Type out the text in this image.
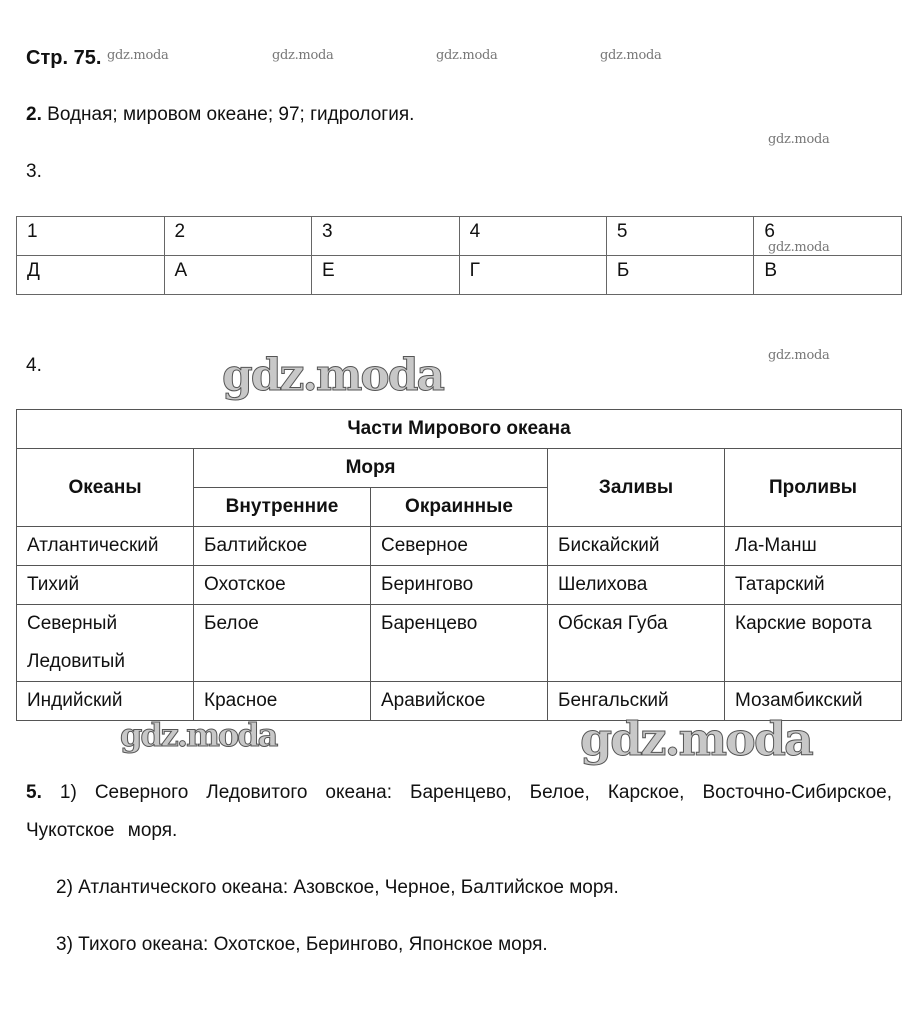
Стр. 75. gdz.moda	gdz.moda	gdz.moda	gdz.moda
2. Водная; мировом океане; 97; гидрология.
gdz.moda
3.
1	2	3	4	5	6

Д	А	Е	Г	Б	В
gdz.moda
4.	gdz.moda	gdz.moda
Части Мирового океана				
Океаны	Моря		Заливы	Проливы
	Внутренние	Окраинные		
Атлантический	Балтийское	Северное	Бискайский	Ла-Манш
Тихий	Охотское	Берингово	Шелихова	Татарский
Северный Ледовитый	Белое	Баренцево	Обская Губа	Карские ворота
Индийский	Красное	Аравийское	Бенгальский	Мозамбикский
gdz.moda	gdz.moda
5. 1) Северного Ледовитого океана: Баренцево, Белое, Карское, Восточно-Сибирское, Чукотское моря.
2) Атлантического океана: Азовское, Черное, Балтийское моря.
3) Тихого океана: Охотское, Берингово, Японское моря.
